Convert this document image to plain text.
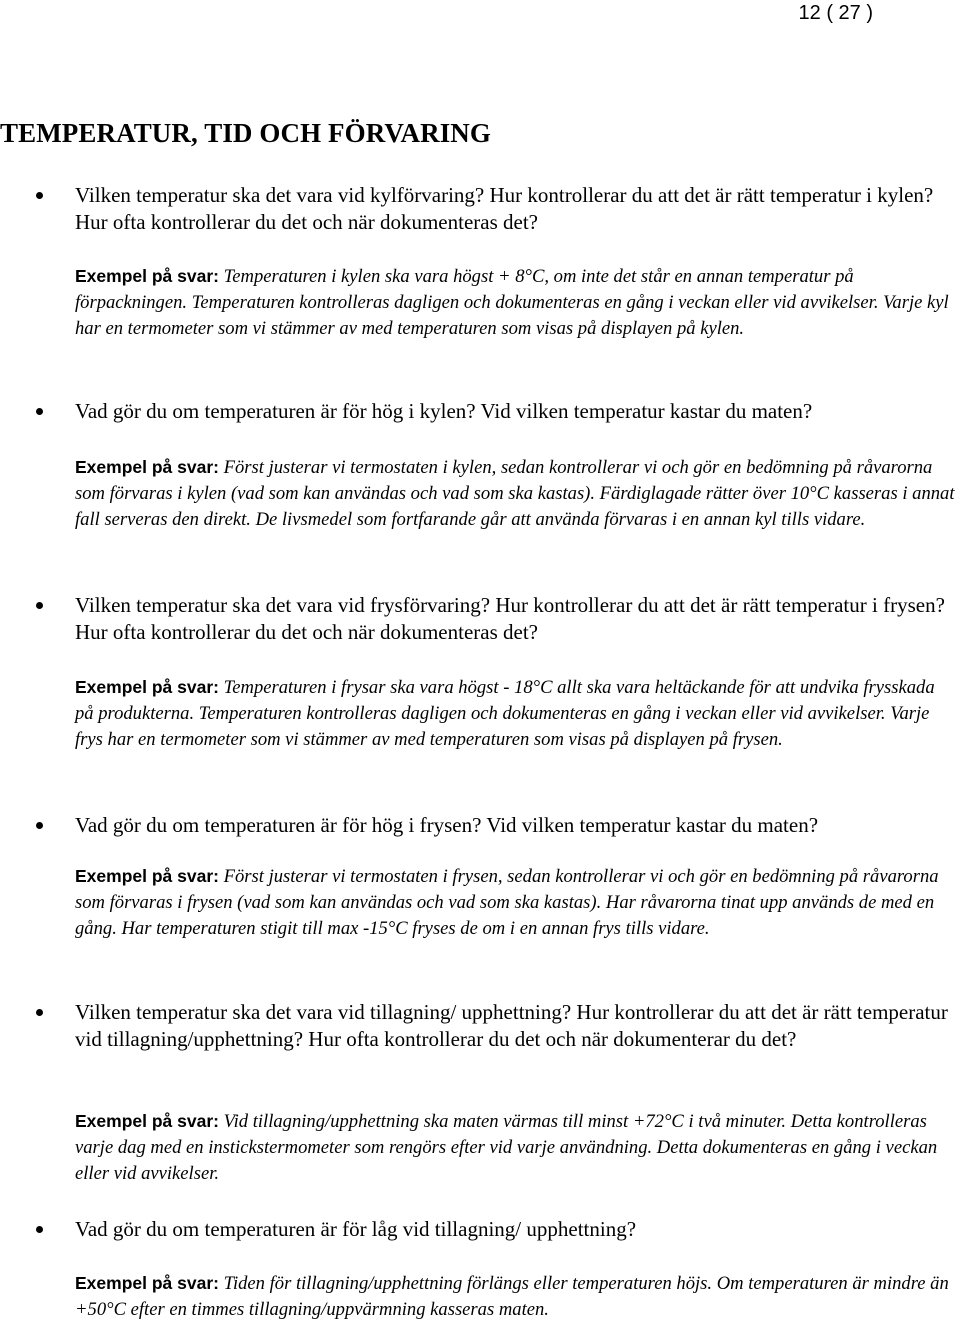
12 ( 27 )
TEMPERATUR, TID OCH FÖRVARING

Vilken temperatur ska det vara vid kylförvaring? Hur kontrollerar du att det är rätt temperatur i kylen? Hur ofta kontrollerar du det och när dokumenteras det?

Exempel på svar: Temperaturen i kylen ska vara högst + 8°C, om inte det står en annan temperatur på förpackningen. Temperaturen kontrolleras dagligen och dokumenteras en gång i veckan eller vid avvikelser. Varje kyl har en termometer som vi stämmer av med temperaturen som visas på displayen på kylen.

Vad gör du om temperaturen är för hög i kylen? Vid vilken temperatur kastar du maten?

Exempel på svar: Först justerar vi termostaten i kylen, sedan kontrollerar vi och gör en bedömning på råvarorna som förvaras i kylen (vad som kan användas och vad som ska kastas). Färdiglagade rätter över 10°C kasseras i annat fall serveras den direkt. De livsmedel som fortfarande går att använda förvaras i en annan kyl tills vidare.

Vilken temperatur ska det vara vid frysförvaring? Hur kontrollerar du att det är rätt temperatur i frysen? Hur ofta kontrollerar du det och när dokumenteras det?

Exempel på svar: Temperaturen i frysar ska vara högst - 18°C allt ska vara heltäckande för att undvika frysskada på produkterna. Temperaturen kontrolleras dagligen och dokumenteras en gång i veckan eller vid avvikelser. Varje frys har en termometer som vi stämmer av med temperaturen som visas på displayen på frysen.

Vad gör du om temperaturen är för hög i frysen? Vid vilken temperatur kastar du maten?

Exempel på svar: Först justerar vi termostaten i frysen, sedan kontrollerar vi och gör en bedömning på råvarorna som förvaras i frysen (vad som kan användas och vad som ska kastas). Har råvarorna tinat upp används de med en gång. Har temperaturen stigit till max -15°C fryses de om i en annan frys tills vidare.

Vilken temperatur ska det vara vid tillagning/ upphettning? Hur kontrollerar du att det är rätt temperatur vid tillagning/upphettning? Hur ofta kontrollerar du det och när dokumenterar du det?

Exempel på svar: Vid tillagning/upphettning ska maten värmas till minst +72°C i två minuter. Detta kontrolleras varje dag med en instickstermometer som rengörs efter vid varje användning. Detta dokumenteras en gång i veckan eller vid avvikelser.

Vad gör du om temperaturen är för låg vid tillagning/ upphettning?

Exempel på svar: Tiden för tillagning/upphettning förlängs eller temperaturen höjs. Om temperaturen är mindre än +50°C efter en timmes tillagning/uppvärmning kasseras maten.
